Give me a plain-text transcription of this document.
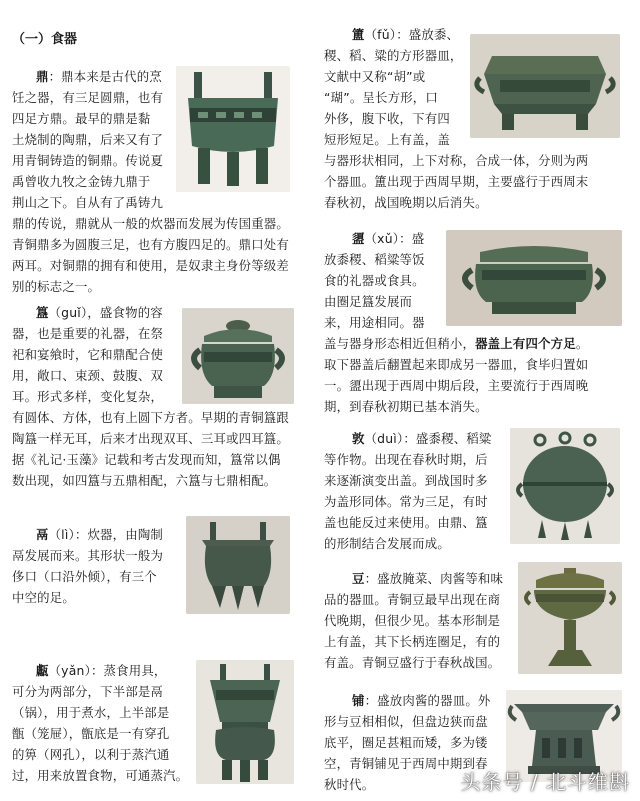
（一）食器
鼎：鼎本来是古代的烹
饪之器，有三足圆鼎，也有
四足方鼎。最早的鼎是黏
土烧制的陶鼎，后来又有了
用青铜铸造的铜鼎。传说夏
禹曾收九牧之金铸九鼎于
荆山之下。自从有了禹铸九
鼎的传说，鼎就从一般的炊器而发展为传国重器。
青铜鼎多为圆腹三足，也有方腹四足的。鼎口处有
两耳。对铜鼎的拥有和使用，是奴隶主身份等级差
别的标志之一。
簋（guǐ），盛食物的容
器，也是重要的礼器，在祭
祀和宴飨时，它和鼎配合使
用，敞口、束颈、鼓腹、双
耳。形式多样，变化复杂，
有圆体、方体，也有上圆下方者。早期的青铜簋跟
陶簋一样无耳，后来才出现双耳、三耳或四耳簋。
据《礼记·玉藻》记载和考古发现而知，簋常以偶
数出现，如四簋与五鼎相配，六簋与七鼎相配。
鬲（lì）：炊器，由陶制
鬲发展而来。其形状一般为
侈口（口沿外倾），有三个
中空的足。
甗（yǎn）：蒸食用具，
可分为两部分，下半部是鬲
（锅），用于煮水，上半部是
甑（笼屉），甑底是一有穿孔
的箅（网孔），以利于蒸汽通
过，用来放置食物，可通蒸汽。
簠（fǔ）：盛放黍、
稷、稻、粱的方形器皿，
文献中又称“胡”或
“瑚”。呈长方形，口
外侈，腹下收，下有四
短形短足。上有盖，盖
与器形状相同，上下对称，合成一体，分则为两
个器皿。簠出现于西周早期，主要盛行于西周末
春秋初，战国晚期以后消失。
盨（xǔ）：盛
放黍稷、稻粱等饭
食的礼器或食具。
由圈足簋发展而
来，用途相同。器
盖与器身形态相近但稍小，器盖上有四个方足。
取下器盖后翻置起来即成另一器皿，食毕归置如
一。盨出现于西周中期后段，主要流行于西周晚
期，到春秋初期已基本消失。
敦（duì）：盛黍稷、稻粱
等作物。出现在春秋时期，后
来逐渐演变出盖。到战国时多
为盖形同体。常为三足，有时
盖也能反过来使用。由鼎、簋
的形制结合发展而成。
豆：盛放腌菜、肉酱等和味
品的器皿。青铜豆最早出现在商
代晚期，但很少见。基本形制是
上有盖，其下长柄连圈足，有的
有盖。青铜豆盛行于春秋战国。
铺：盛放肉酱的器皿。外
形与豆相相似，但盘边狭而盘
底平，圈足甚粗而矮，多为镂
空，青铜铺见于西周中期到春
秋时代。	头条号 / 北斗维斟
